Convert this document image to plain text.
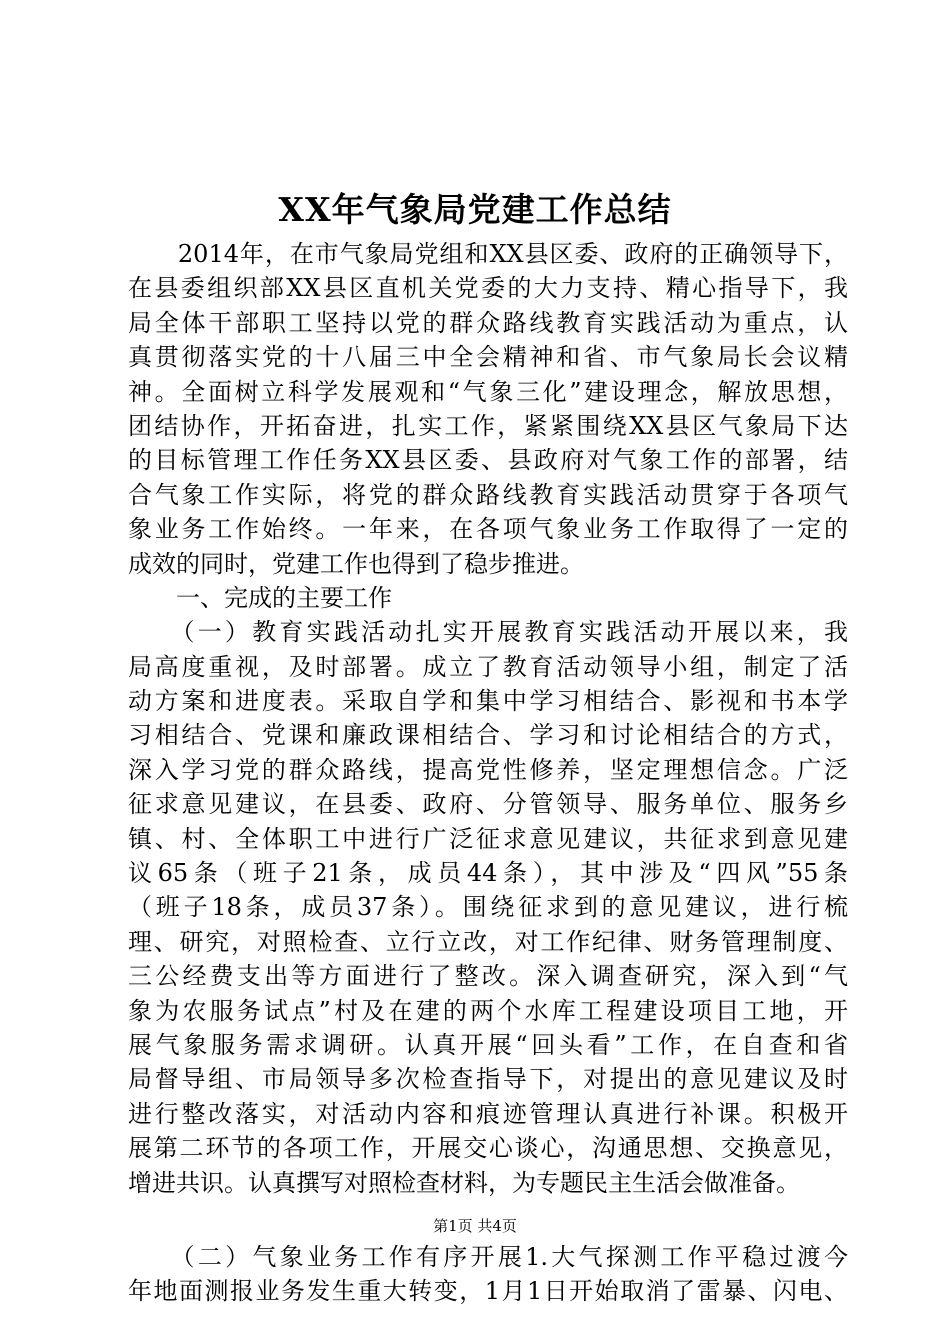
XX年气象局党建工作总结
　　2014年，在市气象局党组和XX县区委、政府的正确领导下，
在县委组织部XX县区直机关党委的大力支持、精心指导下，我
局全体干部职工坚持以党的群众路线教育实践活动为重点，认
真贯彻落实党的十八届三中全会精神和省、市气象局长会议精
神。全面树立科学发展观和“气象三化”建设理念，解放思想，
团结协作，开拓奋进，扎实工作，紧紧围绕XX县区气象局下达
的目标管理工作任务XX县区委、县政府对气象工作的部署，结
合气象工作实际，将党的群众路线教育实践活动贯穿于各项气
象业务工作始终。一年来，在各项气象业务工作取得了一定的
成效的同时，党建工作也得到了稳步推进。
　　一、完成的主要工作
　　（一）教育实践活动扎实开展教育实践活动开展以来，我
局高度重视，及时部署。成立了教育活动领导小组，制定了活
动方案和进度表。采取自学和集中学习相结合、影视和书本学
习相结合、党课和廉政课相结合、学习和讨论相结合的方式，
深入学习党的群众路线，提高党性修养，坚定理想信念。广泛
征求意见建议，在县委、政府、分管领导、服务单位、服务乡
镇、村、全体职工中进行广泛征求意见建议，共征求到意见建
议65条（班子21条，成员44条），其中涉及“四风”55条
（班子18条，成员37条）。围绕征求到的意见建议，进行梳
理、研究，对照检查、立行立改，对工作纪律、财务管理制度、
三公经费支出等方面进行了整改。深入调查研究，深入到“气
象为农服务试点”村及在建的两个水库工程建设项目工地，开
展气象服务需求调研。认真开展“回头看”工作，在自查和省
局督导组、市局领导多次检查指导下，对提出的意见建议及时
进行整改落实，对活动内容和痕迹管理认真进行补课。积极开
展第二环节的各项工作，开展交心谈心，沟通思想、交换意见，
增进共识。认真撰写对照检查材料，为专题民主生活会做准备。
　　（二）气象业务工作有序开展1.大气探测工作平稳过渡今
年地面测报业务发生重大转变，1月1日开始取消了雷暴、闪电、
第1页 共4页
